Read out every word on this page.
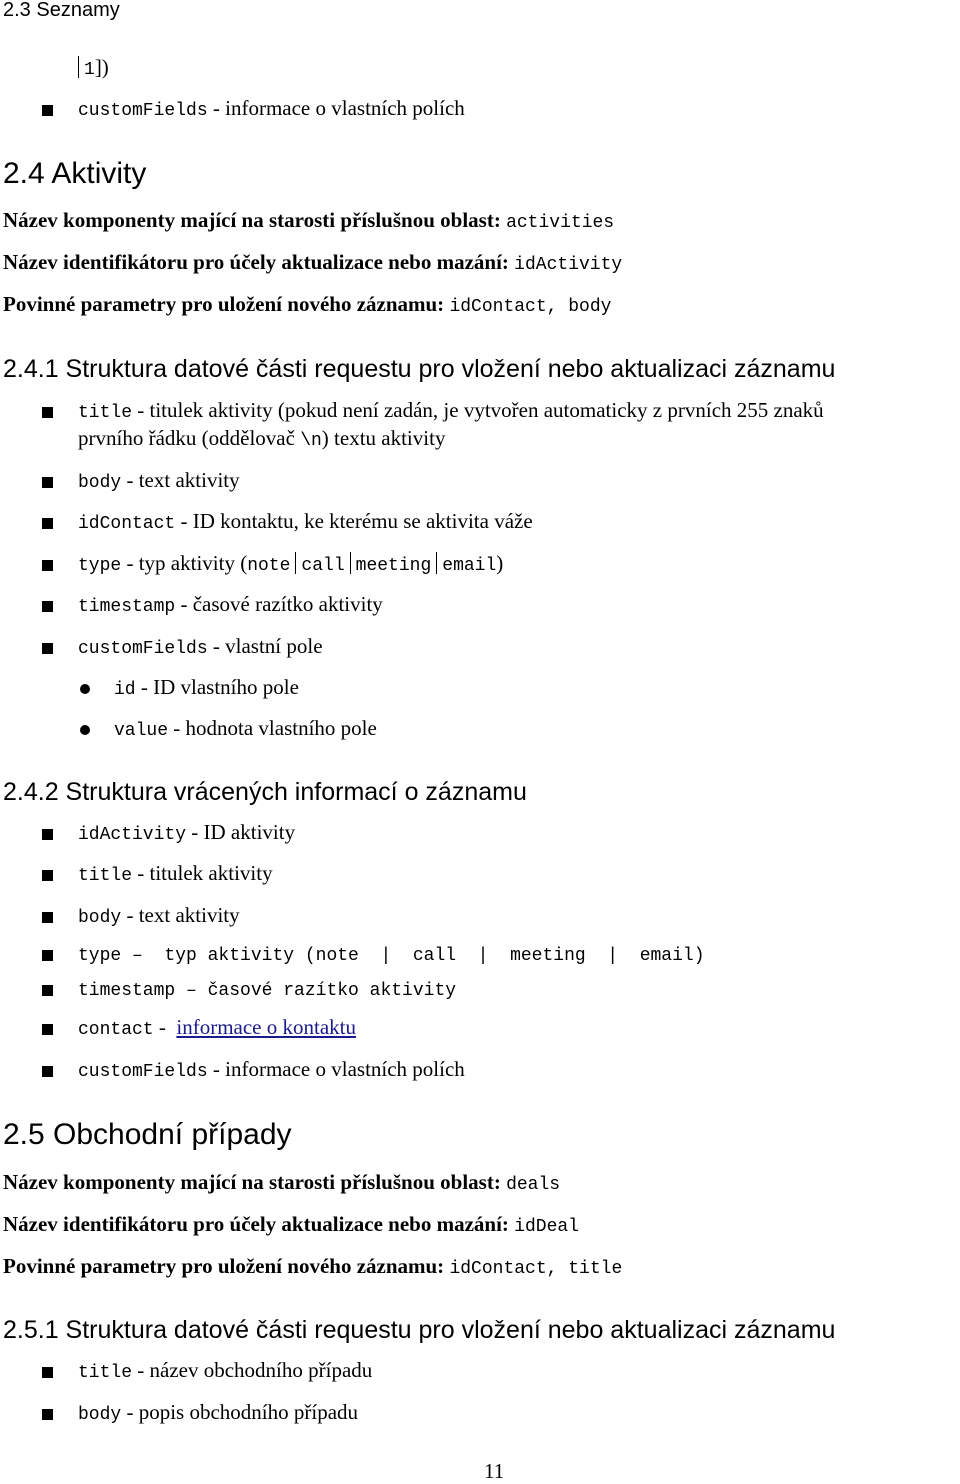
2.3 Seznamy
1])
customFields - informace o vlastních polích
2.4 Aktivity
Název komponenty mající na starosti příslušnou oblast: activities
Název identifikátoru pro účely aktualizace nebo mazání: idActivity
Povinné parametry pro uložení nového záznamu: idContact, body
2.4.1 Struktura datové části requestu pro vložení nebo aktualizaci záznamu
title - titulek aktivity (pokud není zadán, je vytvořen automaticky z prvních 255 znaků
prvního řádku (oddělovač \n) textu aktivity
body - text aktivity
idContact - ID kontaktu, ke kterému se aktivita váže
type - typ aktivity (note call meeting email)
timestamp - časové razítko aktivity
customFields - vlastní pole
id - ID vlastního pole
value - hodnota vlastního pole
2.4.2 Struktura vrácených informací o záznamu
idActivity - ID aktivity
title - titulek aktivity
body - text aktivity
type –  typ aktivity (note  |  call  |  meeting  |  email)
timestamp – časové razítko aktivity
contact -  informace o kontaktu
customFields - informace o vlastních polích
2.5 Obchodní případy
Název komponenty mající na starosti příslušnou oblast: deals
Název identifikátoru pro účely aktualizace nebo mazání: idDeal
Povinné parametry pro uložení nového záznamu: idContact, title
2.5.1 Struktura datové části requestu pro vložení nebo aktualizaci záznamu
title - název obchodního případu
body - popis obchodního případu
11
